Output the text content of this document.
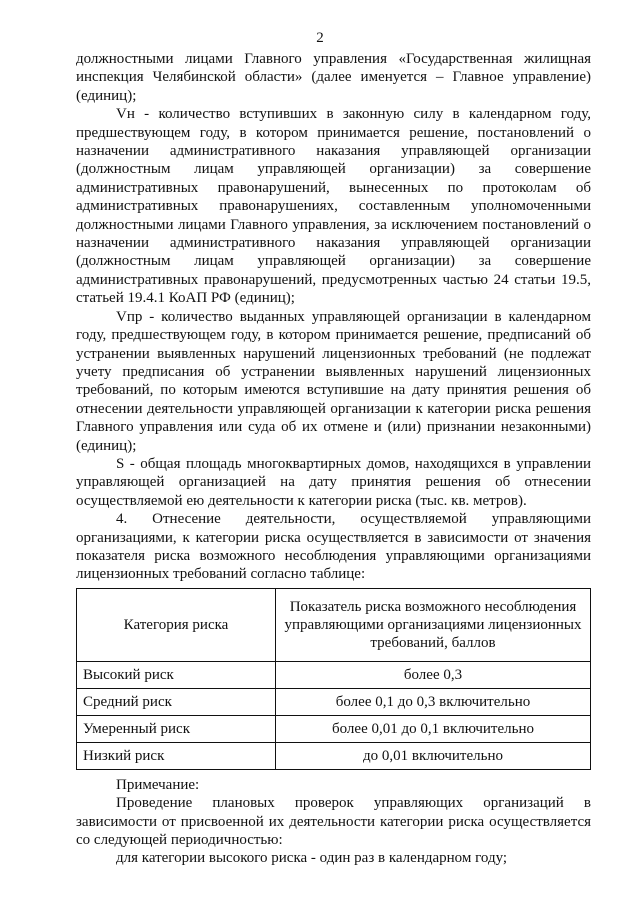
2

должностными лицами Главного управления «Государственная жилищная инспекция Челябинской области» (далее именуется – Главное управление) (единиц);

Vн - количество вступивших в законную силу в календарном году, предшествующем году, в котором принимается решение, постановлений о назначении административного наказания управляющей организации (должностным лицам управляющей организации) за совершение административных правонарушений, вынесенных по протоколам об административных правонарушениях, составленным уполномоченными должностными лицами Главного управления, за исключением постановлений о назначении административного наказания управляющей организации (должностным лицам управляющей организации) за совершение административных правонарушений, предусмотренных частью 24 статьи 19.5, статьей 19.4.1 КоАП РФ (единиц);

Vпр - количество выданных управляющей организации в календарном году, предшествующем году, в котором принимается решение, предписаний об устранении выявленных нарушений лицензионных требований (не подлежат учету предписания об устранении выявленных нарушений лицензионных требований, по которым имеются вступившие на дату принятия решения об отнесении деятельности управляющей организации к категории риска решения Главного управления или суда об их отмене и (или) признании незаконными) (единиц);

S - общая площадь многоквартирных домов, находящихся в управлении управляющей организацией на дату принятия решения об отнесении осуществляемой ею деятельности к категории риска (тыс. кв. метров).

4. Отнесение деятельности, осуществляемой управляющими организациями, к категории риска осуществляется в зависимости от значения показателя риска возможного несоблюдения управляющими организациями лицензионных требований согласно таблице:

Категория риска	Показатель риска возможного несоблюдения управляющими организациями лицензионных требований, баллов
Высокий риск	более 0,3
Средний риск	более 0,1 до 0,3 включительно
Умеренный риск	более 0,01 до 0,1 включительно
Низкий риск	до 0,01 включительно

Примечание:

Проведение плановых проверок управляющих организаций в зависимости от присвоенной их деятельности категории риска осуществляется со следующей периодичностью:

для категории высокого риска - один раз в календарном году;
